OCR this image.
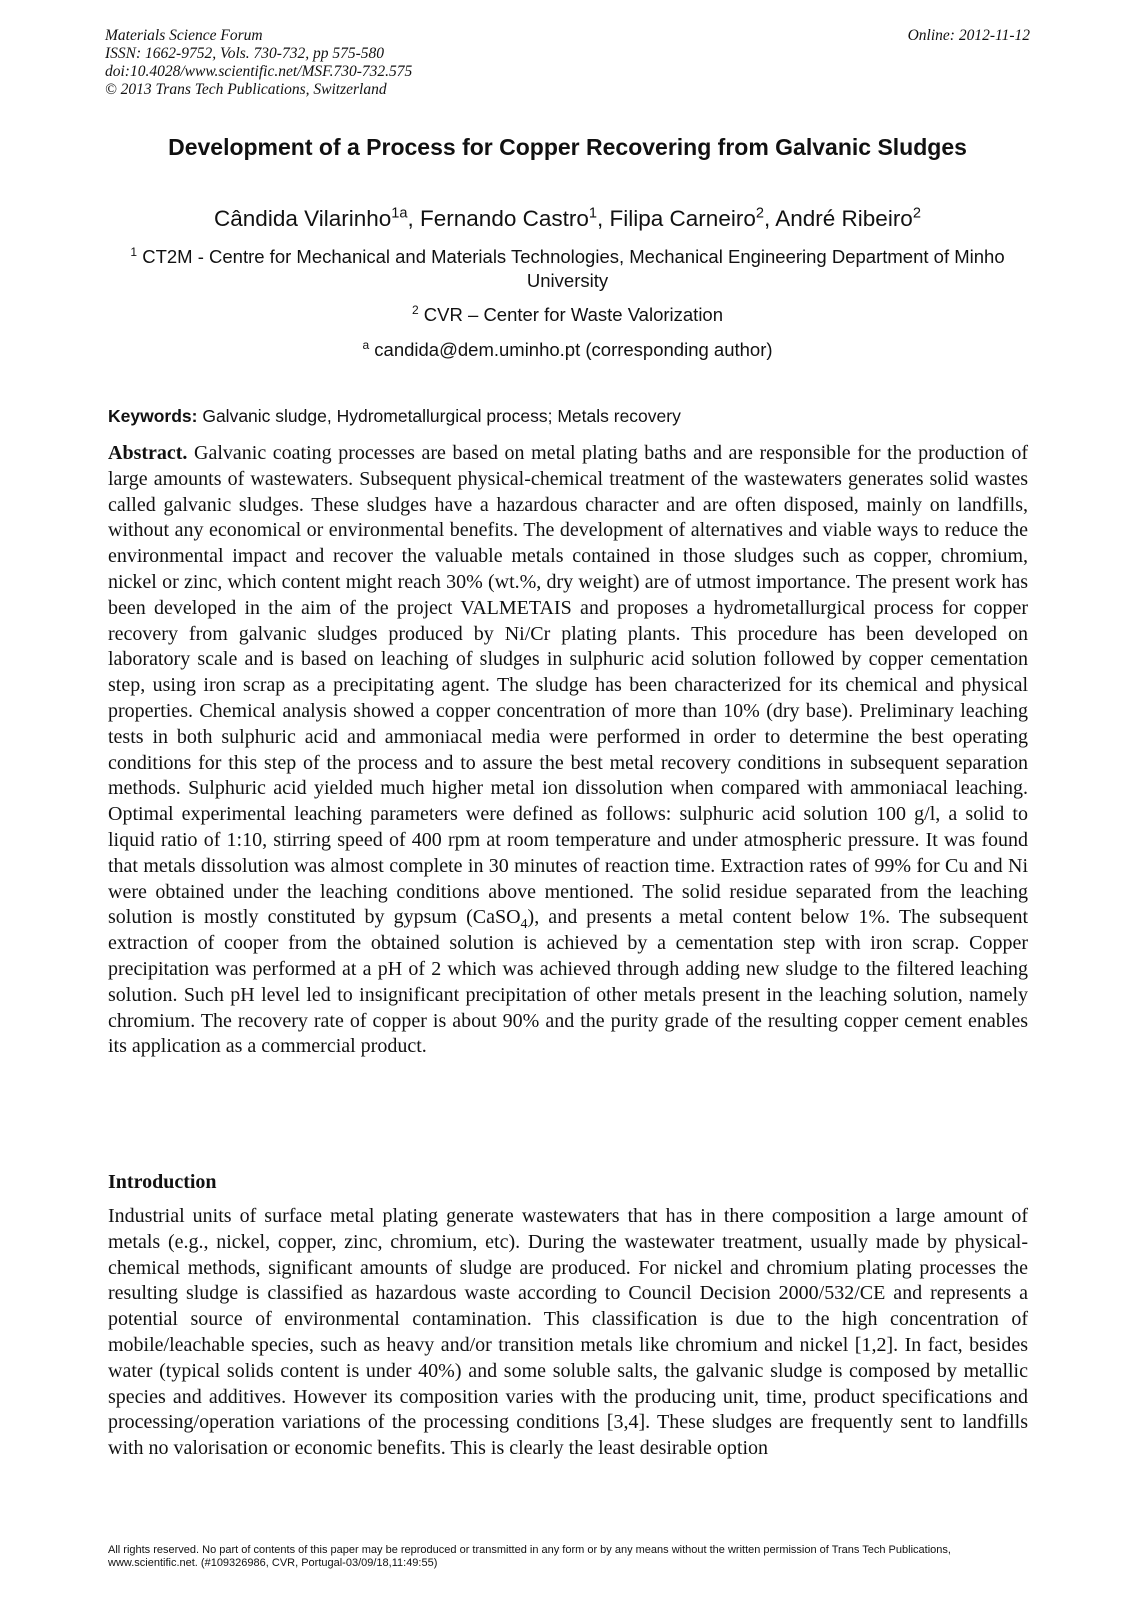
Materials Science Forum
ISSN: 1662-9752, Vols. 730-732, pp 575-580
doi:10.4028/www.scientific.net/MSF.730-732.575
© 2013 Trans Tech Publications, Switzerland
Online: 2012-11-12
Development of a Process for Copper Recovering from Galvanic Sludges
Cândida Vilarinho$^{1a}$, Fernando Castro$^1$, Filipa Carneiro$^2$, André Ribeiro$^2$
$^1$ CT2M - Centre for Mechanical and Materials Technologies, Mechanical Engineering Department of Minho University
$^2$ CVR – Center for Waste Valorization
$^a$ candida@dem.uminho.pt (corresponding author)
Keywords: Galvanic sludge, Hydrometallurgical process; Metals recovery
Abstract. Galvanic coating processes are based on metal plating baths and are responsible for the production of large amounts of wastewaters. Subsequent physical-chemical treatment of the wastewaters generates solid wastes called galvanic sludges. These sludges have a hazardous character and are often disposed, mainly on landfills, without any economical or environmental benefits. The development of alternatives and viable ways to reduce the environmental impact and recover the valuable metals contained in those sludges such as copper, chromium, nickel or zinc, which content might reach 30% (wt.%, dry weight) are of utmost importance. The present work has been developed in the aim of the project VALMETAIS and proposes a hydrometallurgical process for copper recovery from galvanic sludges produced by Ni/Cr plating plants. This procedure has been developed on laboratory scale and is based on leaching of sludges in sulphuric acid solution followed by copper cementation step, using iron scrap as a precipitating agent. The sludge has been characterized for its chemical and physical properties. Chemical analysis showed a copper concentration of more than 10% (dry base). Preliminary leaching tests in both sulphuric acid and ammoniacal media were performed in order to determine the best operating conditions for this step of the process and to assure the best metal recovery conditions in subsequent separation methods. Sulphuric acid yielded much higher metal ion dissolution when compared with ammoniacal leaching. Optimal experimental leaching parameters were defined as follows: sulphuric acid solution 100 g/l, a solid to liquid ratio of 1:10, stirring speed of 400 rpm at room temperature and under atmospheric pressure. It was found that metals dissolution was almost complete in 30 minutes of reaction time. Extraction rates of 99% for Cu and Ni were obtained under the leaching conditions above mentioned. The solid residue separated from the leaching solution is mostly constituted by gypsum (CaSO$_4$), and presents a metal content below 1%. The subsequent extraction of cooper from the obtained solution is achieved by a cementation step with iron scrap. Copper precipitation was performed at a pH of 2 which was achieved through adding new sludge to the filtered leaching solution. Such pH level led to insignificant precipitation of other metals present in the leaching solution, namely chromium. The recovery rate of copper is about 90% and the purity grade of the resulting copper cement enables its application as a commercial product.
Introduction
Industrial units of surface metal plating generate wastewaters that has in there composition a large amount of metals (e.g., nickel, copper, zinc, chromium, etc). During the wastewater treatment, usually made by physical-chemical methods, significant amounts of sludge are produced. For nickel and chromium plating processes the resulting sludge is classified as hazardous waste according to Council Decision 2000/532/CE and represents a potential source of environmental contamination. This classification is due to the high concentration of mobile/leachable species, such as heavy and/or transition metals like chromium and nickel [1,2]. In fact, besides water (typical solids content is under 40%) and some soluble salts, the galvanic sludge is composed by metallic species and additives. However its composition varies with the producing unit, time, product specifications and processing/operation variations of the processing conditions [3,4]. These sludges are frequently sent to landfills with no valorisation or economic benefits. This is clearly the least desirable option
All rights reserved. No part of contents of this paper may be reproduced or transmitted in any form or by any means without the written permission of Trans Tech Publications, www.scientific.net. (#109326986, CVR, Portugal-03/09/18,11:49:55)
